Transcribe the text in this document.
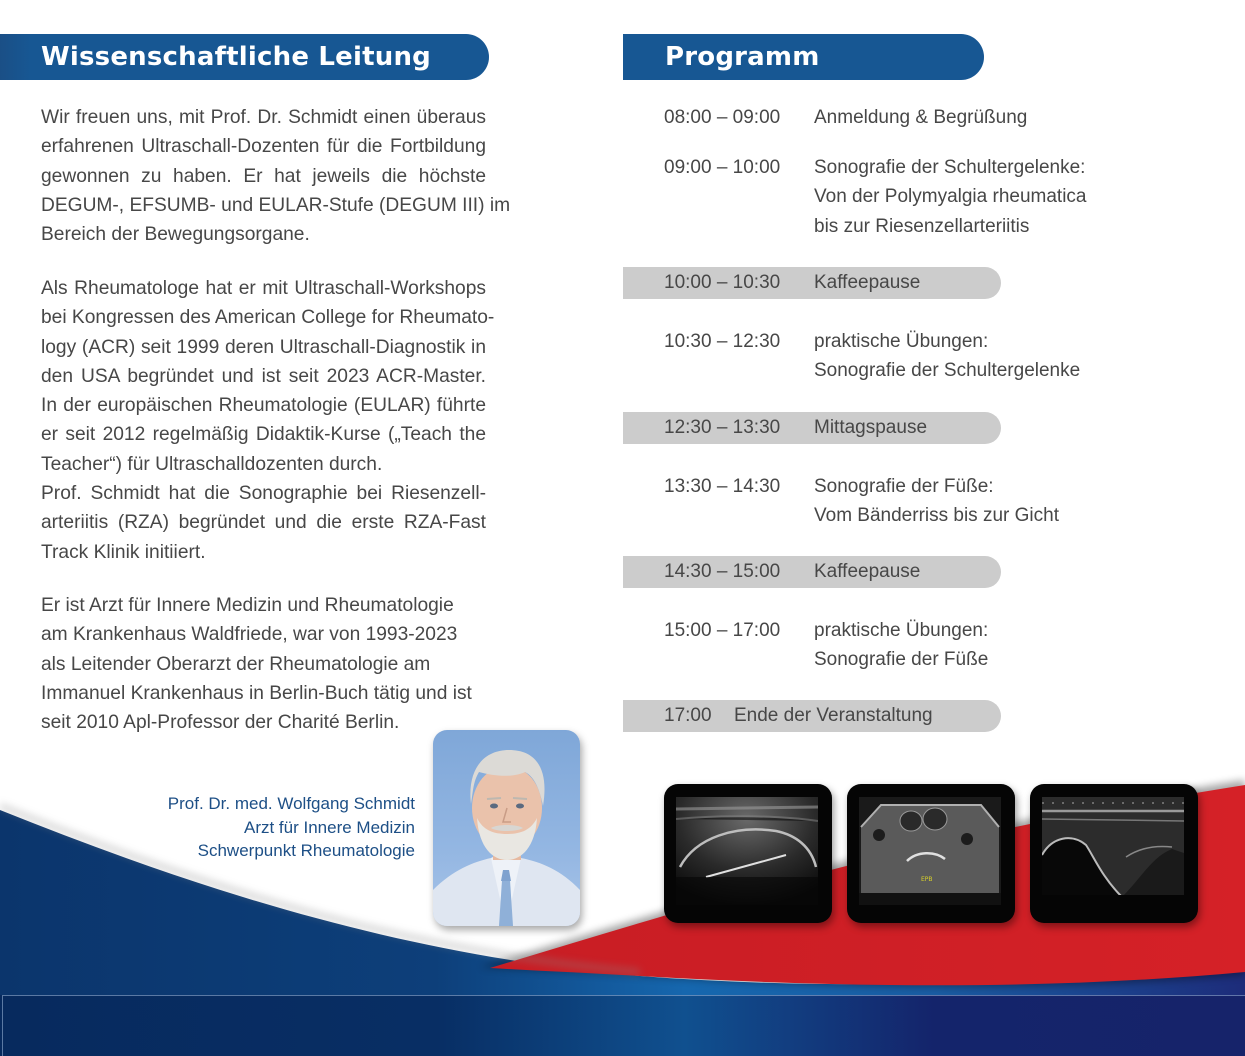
Wissenschaftliche Leitung	Programm
Wir freuen uns, mit Prof. Dr. Schmidt einen überaus
erfahrenen Ultraschall-Dozenten für die Fortbildung
gewonnen zu haben. Er hat jeweils die höchste
DEGUM-, EFSUMB- und EULAR-Stufe (DEGUM III) im
Bereich der Bewegungsorgane.
Als Rheumatologe hat er mit Ultraschall-Workshops
bei Kongressen des American College for Rheumato-
logy (ACR) seit 1999 deren Ultraschall-Diagnostik in
den USA begründet und ist seit 2023 ACR-Master.
In der europäischen Rheumatologie (EULAR) führte
er seit 2012 regelmäßig Didaktik-Kurse („Teach the
Teacher“) für Ultraschalldozenten durch.
Prof. Schmidt hat die Sonographie bei Riesenzell-
arteriitis (RZA) begründet und die erste RZA-Fast
Track Klinik initiiert.
Er ist Arzt für Innere Medizin und Rheumatologie
am Krankenhaus Waldfriede, war von 1993-2023
als Leitender Oberarzt der Rheumatologie am
Immanuel Krankenhaus in Berlin-Buch tätig und ist
seit 2010 Apl-Professor der Charité Berlin.
Prof. Dr. med. Wolfgang Schmidt
Arzt für Innere Medizin
Schwerpunkt Rheumatologie
08:00 – 09:00 Anmeldung & Begrüßung
09:00 – 10:00 Sonografie der Schultergelenke:
Von der Polymyalgia rheumatica
bis zur Riesenzellarteriitis
10:00 – 10:30 Kaffeepause
10:30 – 12:30 praktische Übungen:
Sonografie der Schultergelenke
12:30 – 13:30 Mittagspause
13:30 – 14:30 Sonografie der Füße:
Vom Bänderriss bis zur Gicht
14:30 – 15:00 Kaffeepause
15:00 – 17:00 praktische Übungen:
Sonografie der Füße
17:00 Ende der Veranstaltung
EPB
